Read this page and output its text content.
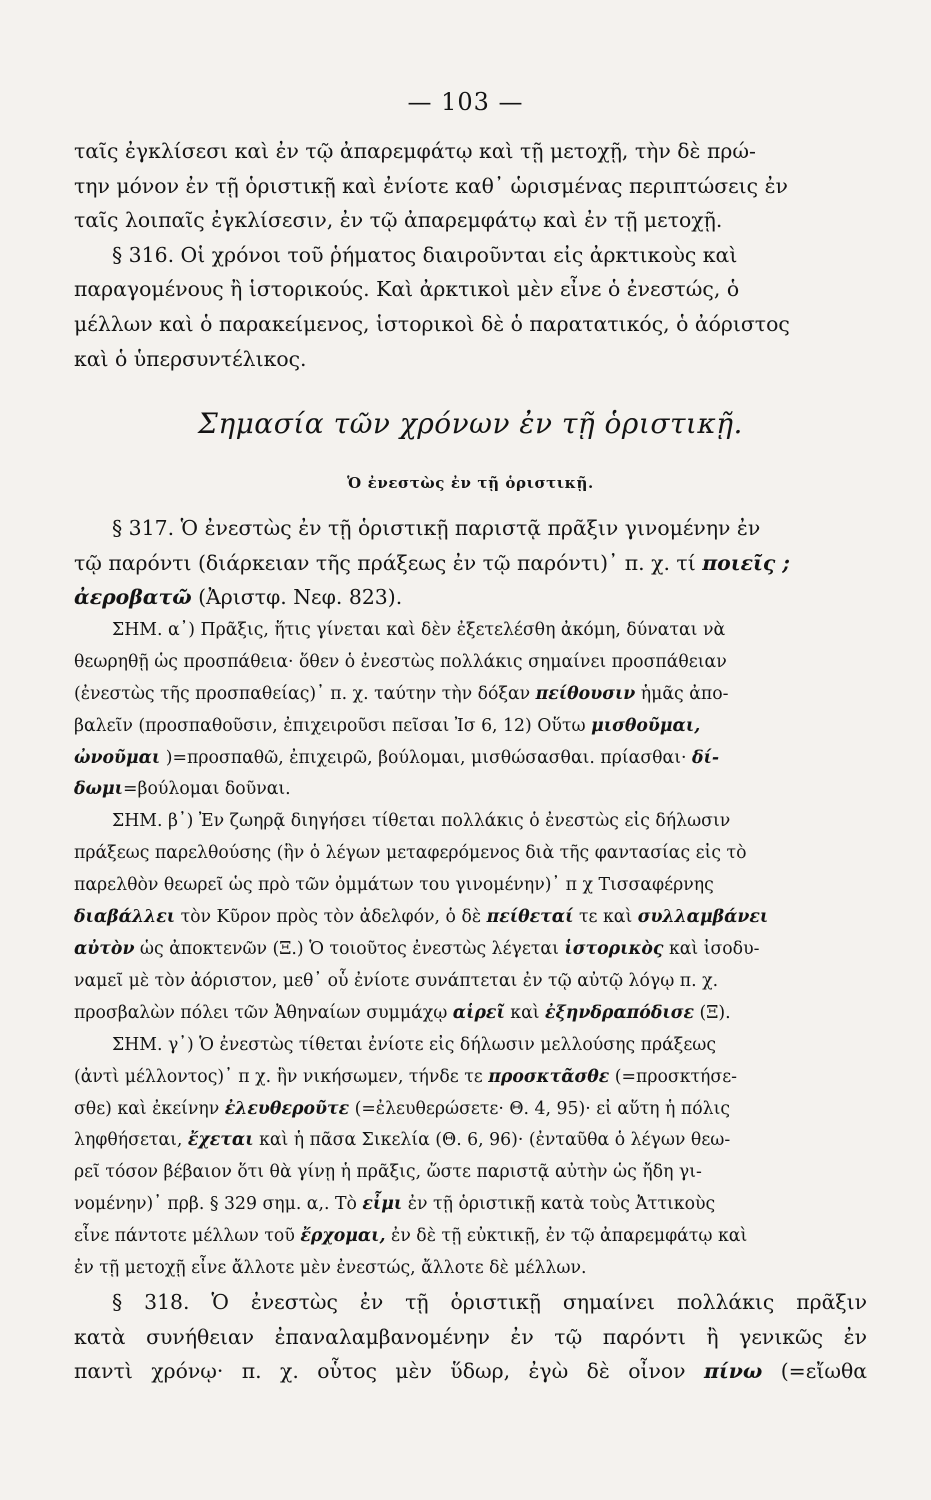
— 103 —

ταῖς ἐγκλίσεσι καὶ ἐν τῷ ἀπαρεμφάτῳ καὶ τῇ μετοχῇ, τὴν δὲ πρώ-
την μόνον ἐν τῇ ὁριστικῇ καὶ ἐνίοτε καθ᾽ ὡρισμένας περιπτώσεις ἐν
ταῖς λοιπαῖς ἐγκλίσεσιν, ἐν τῷ ἀπαρεμφάτῳ καὶ ἐν τῇ μετοχῇ.

§ 316. Οἱ χρόνοι τοῦ ῥήματος διαιροῦνται εἰς ἀρκτικοὺς καὶ
παραγομένους ἢ ἱστορικούς. Καὶ ἀρκτικοὶ μὲν εἶνε ὁ ἐνεστώς, ὁ
μέλλων καὶ ὁ παρακείμενος, ἱστορικοὶ δὲ ὁ παρατατικός, ὁ ἀόριστος
καὶ ὁ ὑπερσυντέλικος.

Σημασία τῶν χρόνων ἐν τῇ ὁριστικῇ.
Ὁ ἐνεστὼς ἐν τῇ ὁριστικῇ.

§ 317. Ὁ ἐνεστὼς ἐν τῇ ὁριστικῇ παριστᾷ πρᾶξιν γινομένην ἐν
τῷ παρόντι (διάρκειαν τῆς πράξεως ἐν τῷ παρόντι)᾽ π. χ. τί ποιεῖς ;
ἀεροβατῶ (Ἀριστφ. Νεφ. 823).

ΣΗΜ. α᾽) Πρᾶξις, ἥτις γίνεται καὶ δὲν ἐξετελέσθη ἀκόμη, δύναται νὰ
θεωρηθῇ ὡς προσπάθεια· ὅθεν ὁ ἐνεστὼς πολλάκις σημαίνει προσπάθειαν
(ἐνεστὼς τῆς προσπαθείας)᾽ π. χ. ταύτην τὴν δόξαν πείθουσιν ἡμᾶς ἀπο-
βαλεῖν (προσπαθοῦσιν, ἐπιχειροῦσι πεῖσαι Ἰσ 6, 12) Οὕτω μισθοῦμαι,
ὠνοῦμαι )=προσπαθῶ, ἐπιχειρῶ, βούλομαι, μισθώσασθαι. πρίασθαι· δί-
δωμι=βούλομαι δοῦναι.

ΣΗΜ. β᾽) Ἐν ζωηρᾷ διηγήσει τίθεται πολλάκις ὁ ἐνεστὼς εἰς δήλωσιν
πράξεως παρελθούσης (ἣν ὁ λέγων μεταφερόμενος διὰ τῆς φαντασίας εἰς τὸ
παρελθὸν θεωρεῖ ὡς πρὸ τῶν ὀμμάτων του γινομένην)᾽ π χ Τισσαφέρνης
διαβάλλει τὸν Κῦρον πρὸς τὸν ἀδελφόν, ὁ δὲ πείθεταί τε καὶ συλλαμβάνει
αὐτὸν ὡς ἀποκτενῶν (Ξ.) Ὁ τοιοῦτος ἐνεστὼς λέγεται ἱστορικὸς καὶ ἰσοδυ-
ναμεῖ μὲ τὸν ἀόριστον, μεθ᾽ οὗ ἐνίοτε συνάπτεται ἐν τῷ αὐτῷ λόγῳ π. χ.
προσβαλὼν πόλει τῶν Ἀθηναίων συμμάχῳ αἱρεῖ καὶ ἐξηνδραπόδισε (Ξ).

ΣΗΜ. γ᾽) Ὁ ἐνεστὼς τίθεται ἐνίοτε εἰς δήλωσιν μελλούσης πράξεως
(ἀντὶ μέλλοντος)᾽ π χ. ἣν νικήσωμεν, τήνδε τε προσκτᾶσθε (=προσκτήσε-
σθε) καὶ ἐκείνην ἐλευθεροῦτε (=ἐλευθερώσετε· Θ. 4, 95)· εἰ αὕτη ἡ πόλις
ληφθήσεται, ἔχεται καὶ ἡ πᾶσα Σικελία (Θ. 6, 96)· (ἐνταῦθα ὁ λέγων θεω-
ρεῖ τόσον βέβαιον ὅτι θὰ γίνῃ ἡ πρᾶξις, ὥστε παριστᾷ αὐτὴν ὡς ἤδη γι-
νομένην)᾽ πρβ. § 329 σημ. α,. Τὸ εἶμι ἐν τῇ ὁριστικῇ κατὰ τοὺς Ἀττικοὺς
εἶνε πάντοτε μέλλων τοῦ ἔρχομαι, ἐν δὲ τῇ εὐκτικῇ, ἐν τῷ ἀπαρεμφάτῳ καὶ
ἐν τῇ μετοχῇ εἶνε ἄλλοτε μὲν ἐνεστώς, ἄλλοτε δὲ μέλλων.

§ 318. Ὁ ἐνεστὼς ἐν τῇ ὁριστικῇ σημαίνει πολλάκις πρᾶξιν
κατὰ συνήθειαν ἐπαναλαμβανομένην ἐν τῷ παρόντι ἢ γενικῶς ἐν
παντὶ χρόνῳ· π. χ. οὗτος μὲν ὕδωρ, ἐγὼ δὲ οἶνον πίνω (=εἴωθα
